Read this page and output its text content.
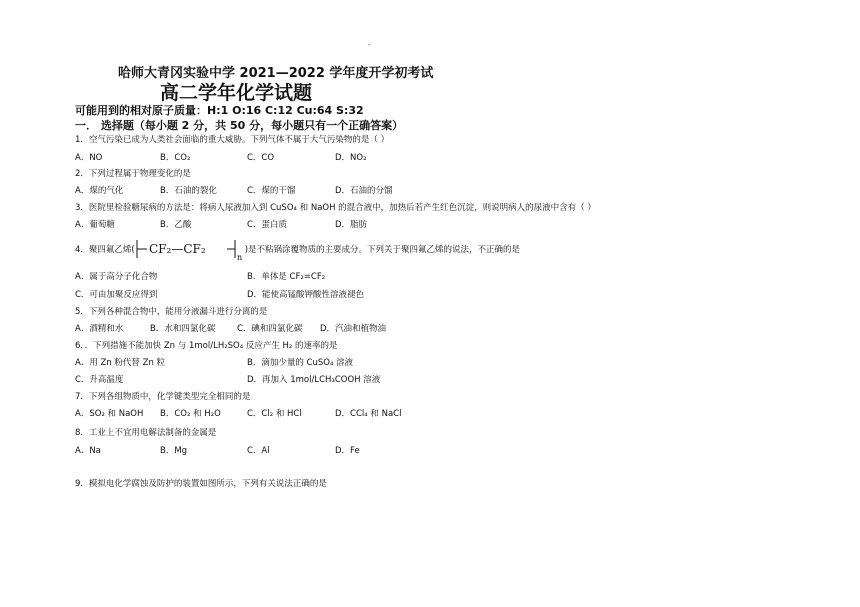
-
哈师大青冈实验中学 2021—2022 学年度开学初考试
高二学年化学试题
可能用到的相对原子质量：H:1 O:16 C:12 Cu:64 S:32
一． 选择题（每小题 2 分，共 50 分，每小题只有一个正确答案）
1．空气污染已成为人类社会面临的重大威胁。下列气体不属于大气污染物的是（ ）
A．NO	B．CO₂	C．CO	D．NO₂
2．下列过程属于物理变化的是
A．煤的气化	B．石油的裂化	C．煤的干馏	D．石油的分馏
3．医院里检验糖尿病的方法是：将病人尿液加入到 CuSO₄ 和 NaOH 的混合液中，加热后若产生红色沉淀，则说明病人的尿液中含有（ ）
A．葡萄糖	B．乙酸	C．蛋白质	D．脂肪
4．聚四氟乙烯( CF₂—CF₂
n
)是不粘锅涂覆物质的主要成分。下列关于聚四氟乙烯的说法，不正确的是
A．属于高分子化合物	B．单体是 CF₂=CF₂
C．可由加聚反应得到	D．能使高锰酸钾酸性溶液褪色
5．下列各种混合物中，能用分液漏斗进行分离的是
A．酒精和水	B．水和四氯化碳	C．碘和四氯化碳 D．汽油和植物油
6．．下列措施不能加快 Zn 与 1mol/LH₂SO₄ 反应产生 H₂ 的速率的是
A．用 Zn 粉代替 Zn 粒	B．滴加少量的 CuSO₄ 溶液
C．升高温度	D．再加入 1mol/LCH₃COOH 溶液
7．下列各组物质中，化学键类型完全相同的是
A．SO₂ 和 NaOH B．CO₂ 和 H₂O	C．Cl₂ 和 HCl	D．CCl₄ 和 NaCl
8．工业上不宜用电解法制备的金属是
A．Na	B．Mg	C．Al	D．Fe
9．模拟电化学腐蚀及防护的装置如图所示，下列有关说法正确的是
